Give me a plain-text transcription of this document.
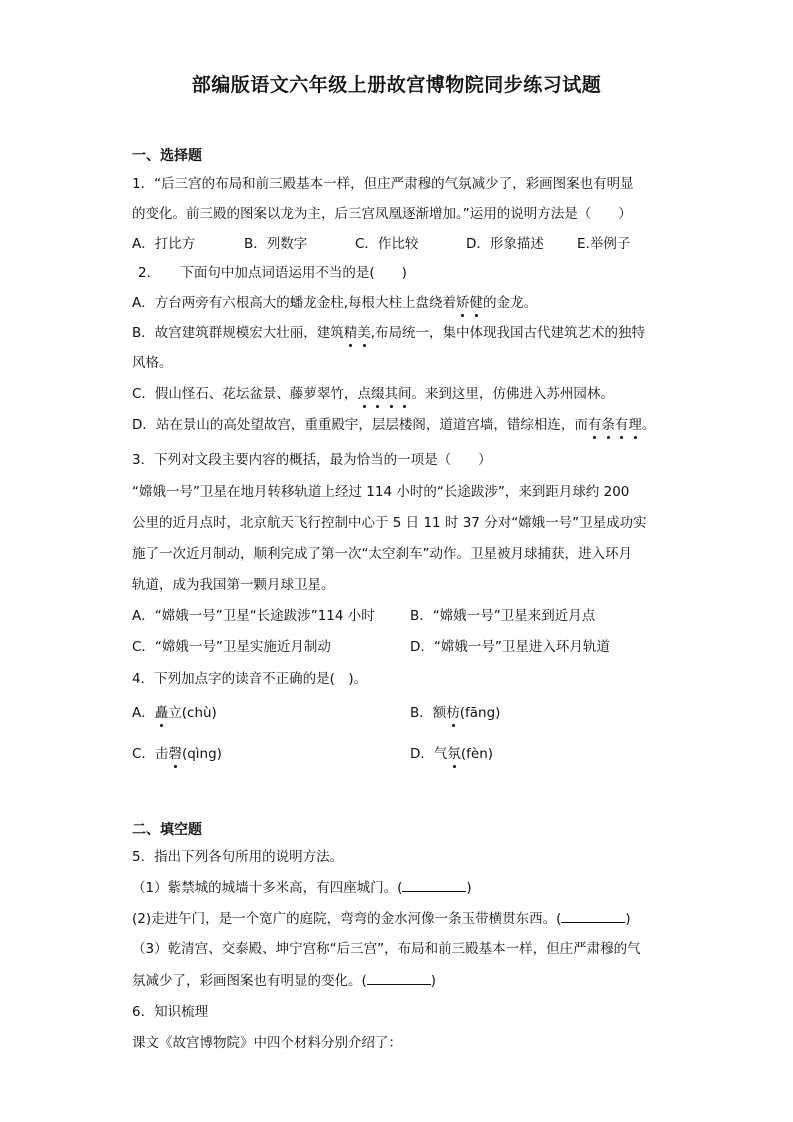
部编版语文六年级上册故宫博物院同步练习试题
一、选择题
1．“后三宫的布局和前三殿基本一样，但庄严肃穆的气氛减少了，彩画图案也有明显
的变化。前三殿的图案以龙为主，后三宫凤凰逐渐增加。”运用的说明方法是（　　）
A．打比方	B．列数字	C．作比较	D．形象描述 E.举例子
2．　　下面句中加点词语运用不当的是(　　)
A．方台两旁有六根高大的蟠龙金柱,每根大柱上盘绕着矫健的金龙。
B．故宫建筑群规模宏大壮丽，建筑精美,布局统一，集中体现我国古代建筑艺术的独特
风格。
C．假山怪石、花坛盆景、藤萝翠竹，点缀其间。来到这里，仿佛进入苏州园林。
D．站在景山的高处望故宫，重重殿宇，层层楼阁，道道宫墙，错综相连，而有条有理。
3．下列对文段主要内容的概括，最为恰当的一项是（　　）
“嫦娥一号”卫星在地月转移轨道上经过 114 小时的“长途跋涉”，来到距月球约 200
公里的近月点时，北京航天飞行控制中心于 5 日 11 时 37 分对“嫦娥一号”卫星成功实
施了一次近月制动，顺利完成了第一次“太空刹车”动作。卫星被月球捕获，进入环月
轨道，成为我国第一颗月球卫星。
A．“嫦娥一号”卫星“长途跋涉”114 小时	B．“嫦娥一号”卫星来到近月点
C．“嫦娥一号”卫星实施近月制动	D．“嫦娥一号”卫星进入环月轨道
4．下列加点字的读音不正确的是(　)。
A．矗立(chù)	B．额枋(fāng)
C．击磬(qìng)	D．气氛(fèn)
二、填空题
5．指出下列各句所用的说明方法。
（1）紫禁城的城墙十多米高，有四座城门。(	)
(2)走进午门，是一个宽广的庭院，弯弯的金水河像一条玉带横贯东西。(	)
（3）乾清宫、交泰殿、坤宁宫称“后三宫”，布局和前三殿基本一样，但庄严肃穆的气
氛减少了，彩画图案也有明显的变化。(	)
6．知识梳理
课文《故宫博物院》中四个材料分别介绍了：
